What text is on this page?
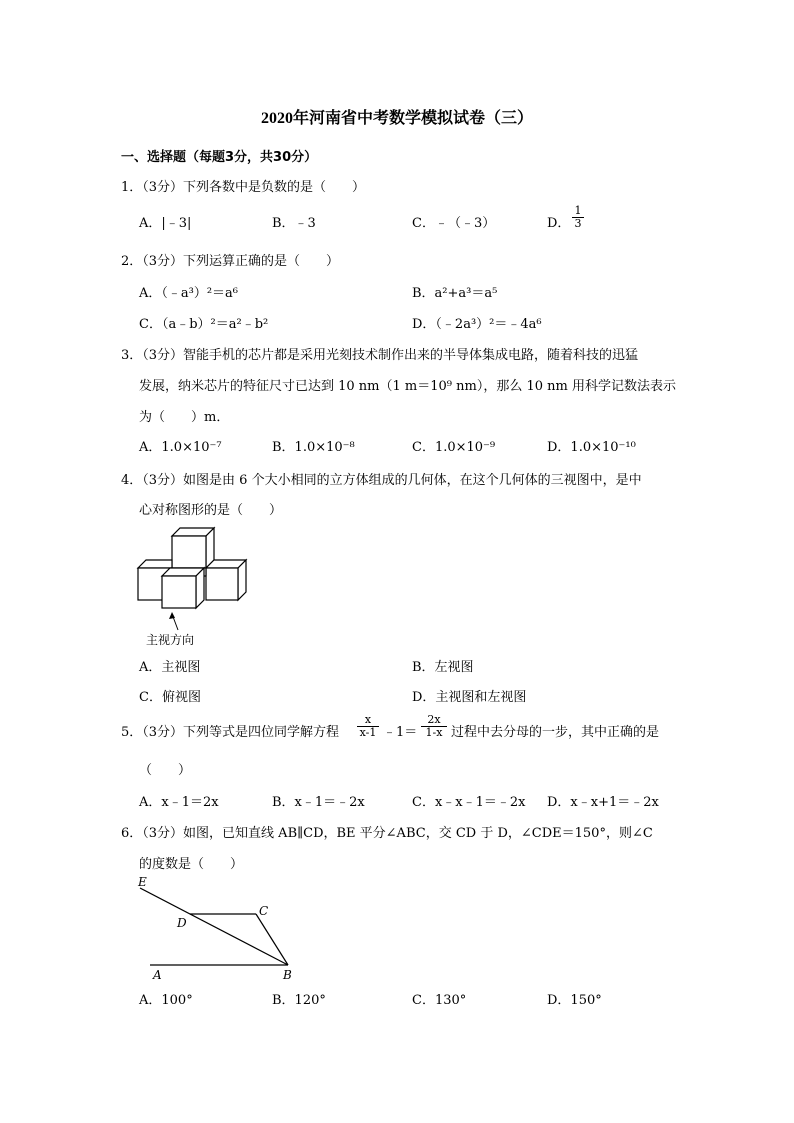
2020年河南省中考数学模拟试卷（三）
一、选择题（每题3分，共30分）
1．（3分）下列各数中是负数的是（　　）
A．|﹣3|	B．﹣3	C．﹣（﹣3）	D． $\frac{1}{3}$
2．（3分）下列运算正确的是（　　）
A．（﹣a³）²＝a⁶	B．a²+a³＝a⁵
C．（a﹣b）²＝a²﹣b²	D．（﹣2a³）²＝﹣4a⁶
3．（3分）智能手机的芯片都是采用光刻技术制作出来的半导体集成电路，随着科技的迅猛
发展，纳米芯片的特征尺寸已达到 10 nm（1 m＝10⁹ nm），那么 10 nm 用科学记数法表示
为（　　）m．
A．1.0×10⁻⁷	B．1.0×10⁻⁸	C．1.0×10⁻⁹	D．1.0×10⁻¹⁰
4．（3分）如图是由 6 个大小相同的立方体组成的几何体，在这个几何体的三视图中，是中
心对称图形的是（　　）
主视方向
A．主视图	B．左视图
C．俯视图	D．主视图和左视图
5．（3分）下列等式是四位同学解方程 $\frac{x}{x-1}$ ﹣1＝ $\frac{2x}{1-x}$ 过程中去分母的一步，其中正确的是
（　　）
A．x﹣1＝2x	B．x﹣1＝﹣2x	C．x﹣x﹣1＝﹣2x D．x﹣x+1＝﹣2x
6．（3分）如图，已知直线 AB∥CD，BE 平分∠ABC，交 CD 于 D，∠CDE＝150°，则∠C
的度数是（　　）
E
D
C
A	B
A．100°	B．120°	C．130°	D．150°
